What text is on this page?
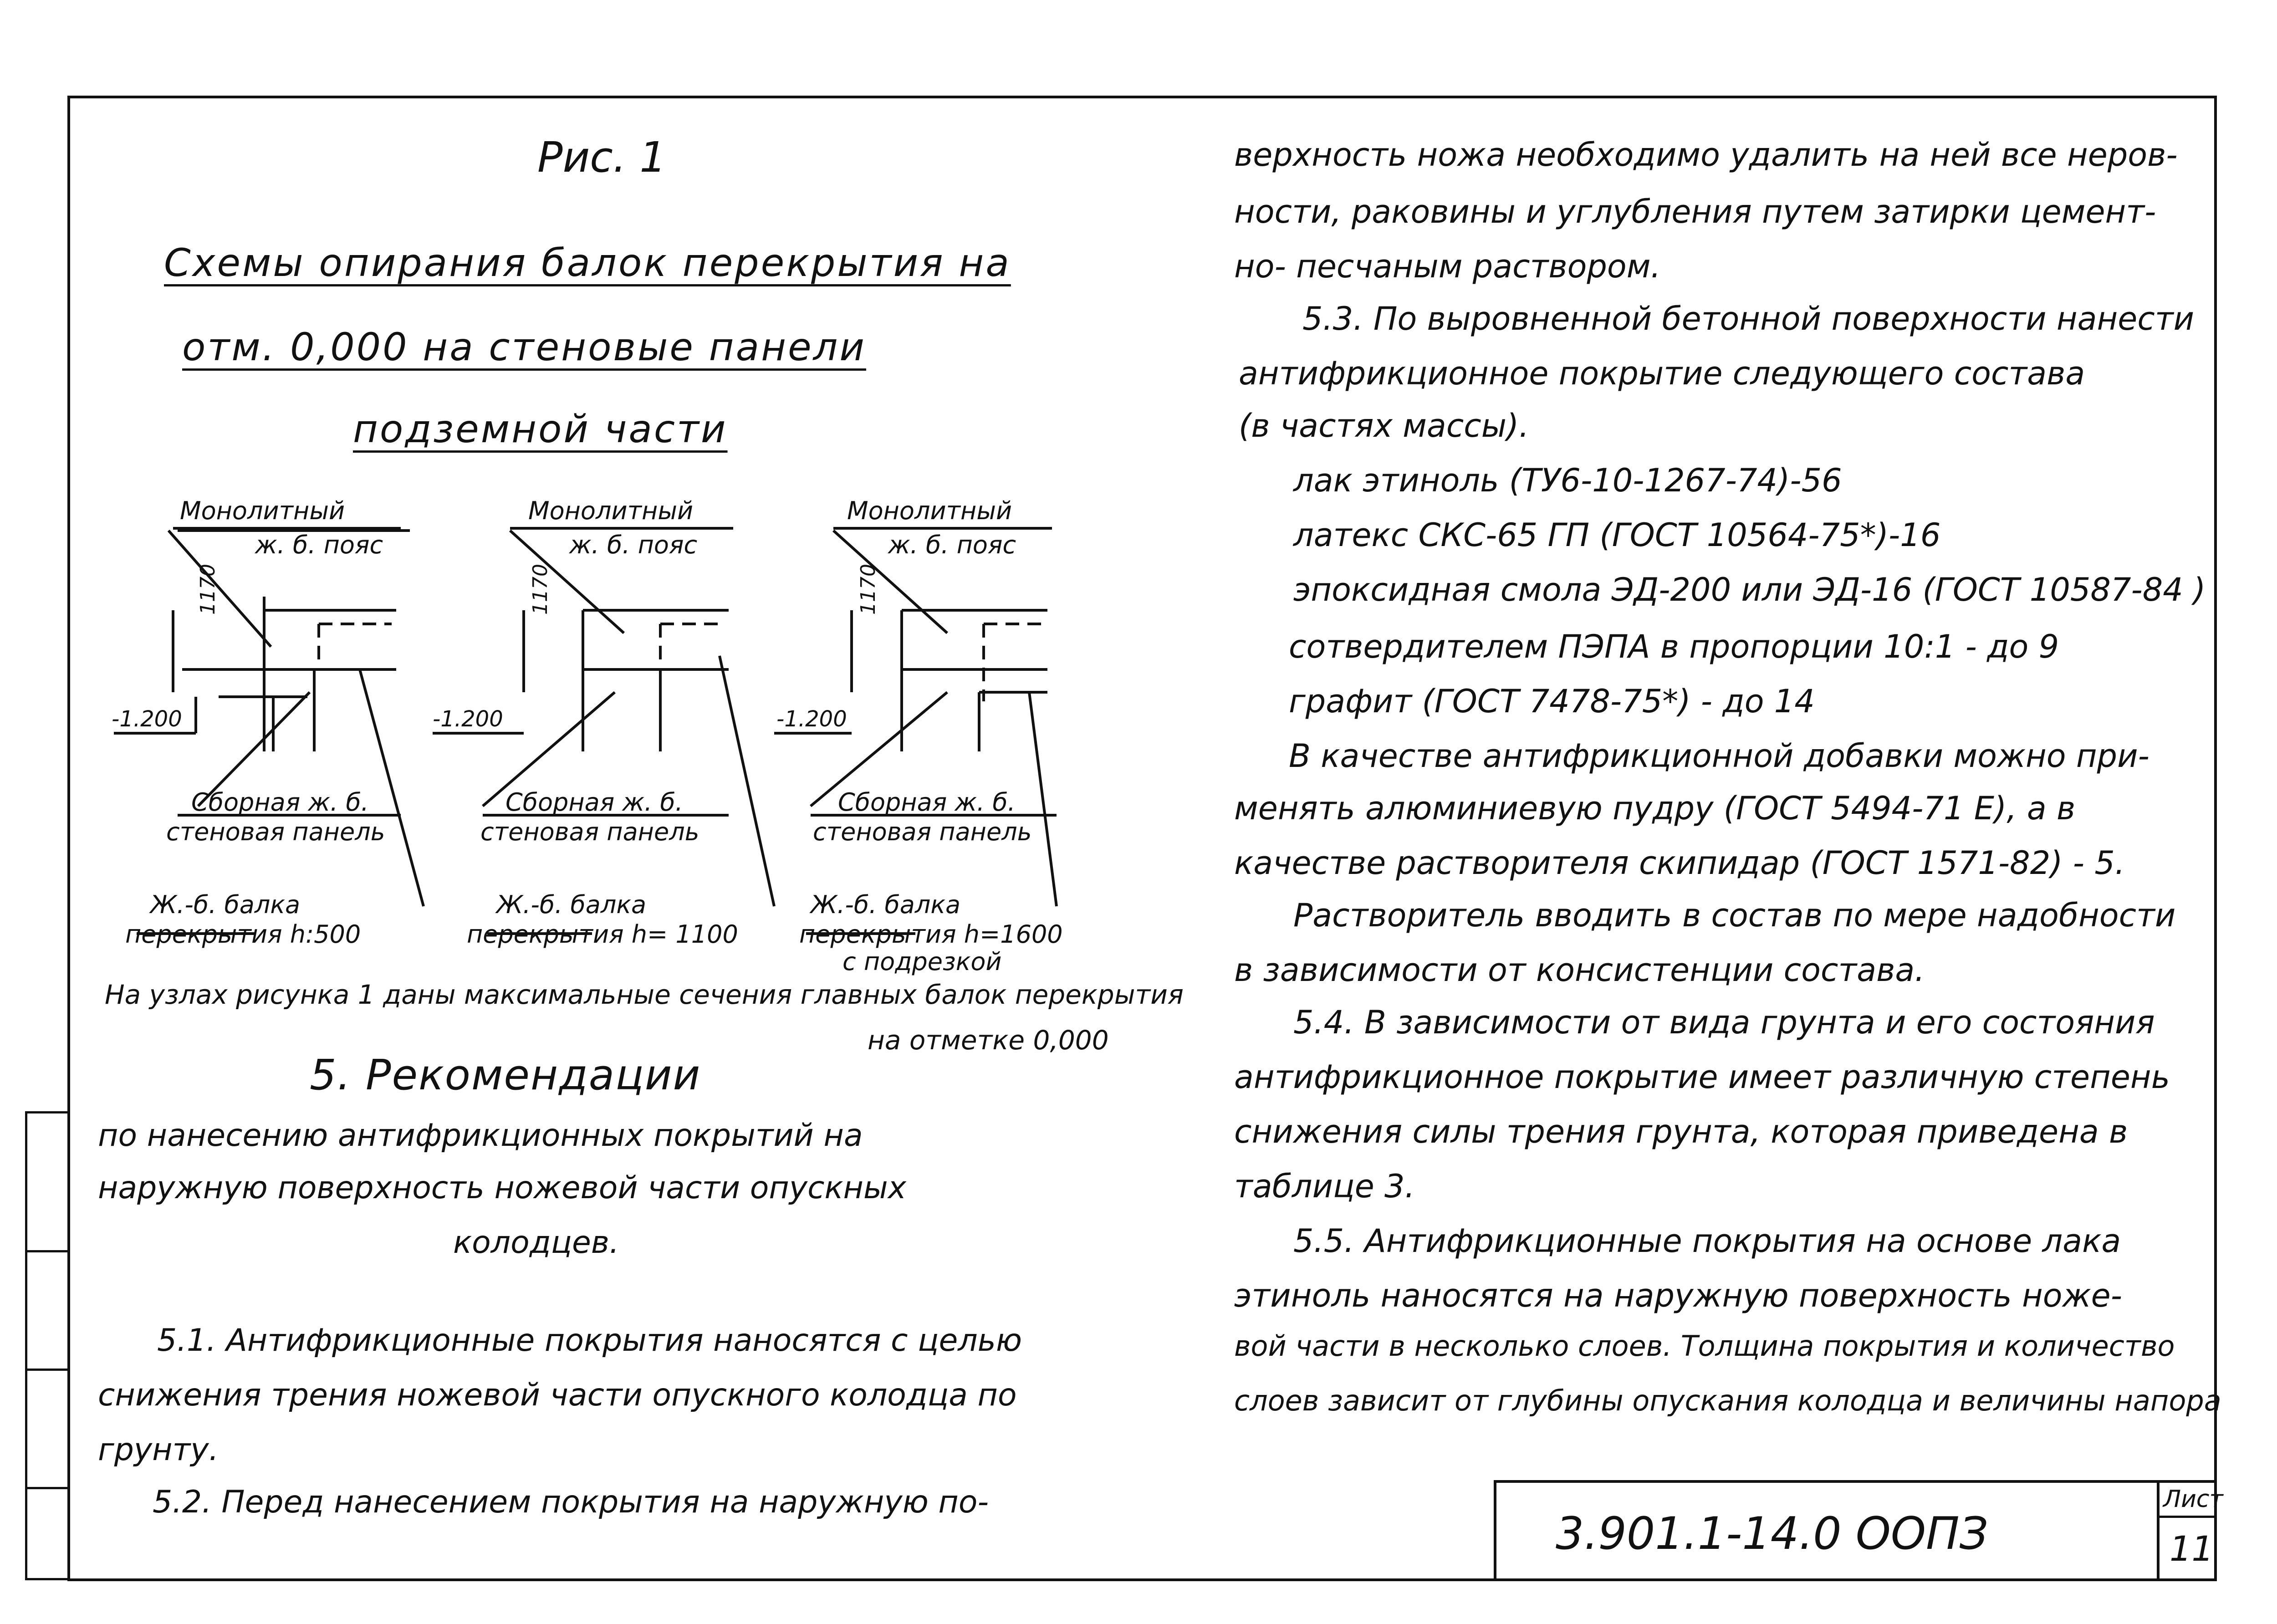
Рис. 1
Схемы опирания балок перекрытия на
отм. 0,000 на стеновые панели
подземной части
Монолитный
ж. б. пояс
1170
-1.200
Сборная ж. б.
стеновая панель
Ж.-б. балка
перекрытия h:500
Монолитный
ж. б. пояс
1170
-1.200
Сборная ж. б.
стеновая панель
Ж.-б. балка
перекрытия h= 1100
Монолитный
ж. б. пояс
1170
-1.200
Сборная ж. б.
стеновая панель
Ж.-б. балка
перекрытия h=1600
с подрезкой
На узлах рисунка 1 даны максимальные сечения главных балок перекрытия
на отметке 0,000
5. Рекомендации
по нанесению антифрикционных покрытий на
наружную поверхность ножевой части опускных
колодцев.
5.1. Антифрикционные покрытия наносятся с целью
снижения трения ножевой части опускного колодца по
грунту.
5.2. Перед нанесением покрытия на наружную по-
верхность ножа необходимо удалить на ней все неров-
ности, раковины и углубления путем затирки цемент-
но- песчаным раствором.
5.3. По выровненной бетонной поверхности нанести
антифрикционное покрытие следующего состава
(в частях массы).
лак этиноль (ТУ6-10-1267-74)-56
латекс СКС-65 ГП (ГОСТ 10564-75*)-16
эпоксидная смола ЭД-200 или ЭД-16 (ГОСТ 10587-84 )
сотвердителем ПЭПА в пропорции 10:1 - до 9
графит (ГОСТ 7478-75*) - до 14
В качестве антифрикционной добавки можно при-
менять алюминиевую пудру (ГОСТ 5494-71 Е), а в
качестве растворителя скипидар (ГОСТ 1571-82) - 5.
Растворитель вводить в состав по мере надобности
в зависимости от консистенции состава.
5.4. В зависимости от вида грунта и его состояния
антифрикционное покрытие имеет различную степень
снижения силы трения грунта, которая приведена в
таблице 3.
5.5. Антифрикционные покрытия на основе лака
этиноль наносятся на наружную поверхность ноже-
вой части в несколько слоев. Толщина покрытия и количество
слоев зависит от глубины опускания колодца и величины напора
3.901.1-14.0 ООПЗ
Лист
11
